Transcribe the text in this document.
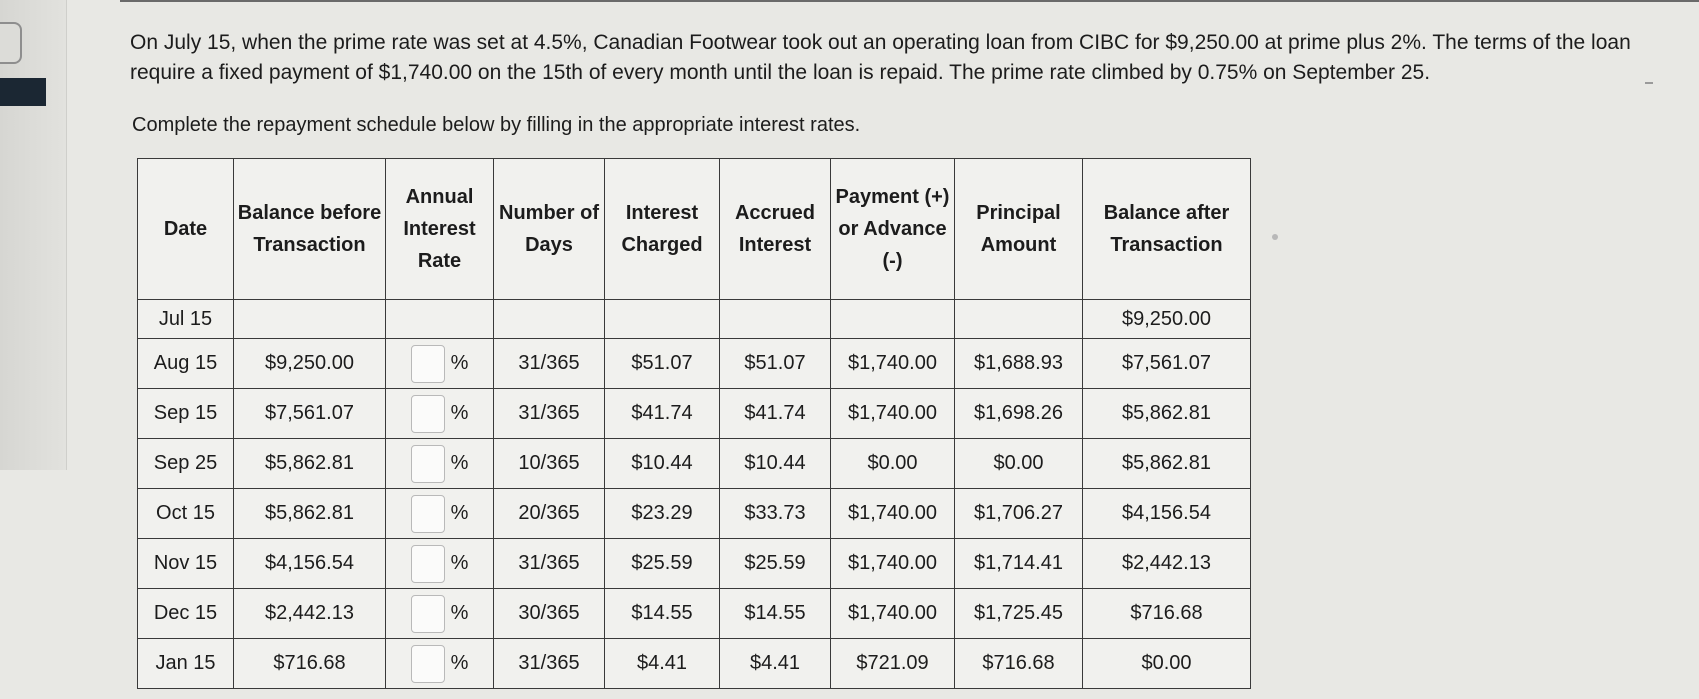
On July 15, when the prime rate was set at 4.5%, Canadian Footwear took out an operating loan from CIBC for $9,250.00 at prime plus 2%. The terms of the loan require a fixed payment of $1,740.00 on the 15th of every month until the loan is repaid. The prime rate climbed by 0.75% on September 25.

Complete the repayment schedule below by filling in the appropriate interest rates.
Date	Balance before Transaction	Annual Interest Rate	Number of Days	Interest Charged	Accrued Interest	Payment (+) or Advance (-)	Principal Amount	Balance after Transaction
Jul 15								$9,250.00
Aug 15	$9,250.00	%	31/365	$51.07	$51.07	$1,740.00	$1,688.93	$7,561.07
Sep 15	$7,561.07	%	31/365	$41.74	$41.74	$1,740.00	$1,698.26	$5,862.81
Sep 25	$5,862.81	%	10/365	$10.44	$10.44	$0.00	$0.00	$5,862.81
Oct 15	$5,862.81	%	20/365	$23.29	$33.73	$1,740.00	$1,706.27	$4,156.54
Nov 15	$4,156.54	%	31/365	$25.59	$25.59	$1,740.00	$1,714.41	$2,442.13
Dec 15	$2,442.13	%	30/365	$14.55	$14.55	$1,740.00	$1,725.45	$716.68
Jan 15	$716.68	%	31/365	$4.41	$4.41	$721.09	$716.68	$0.00
